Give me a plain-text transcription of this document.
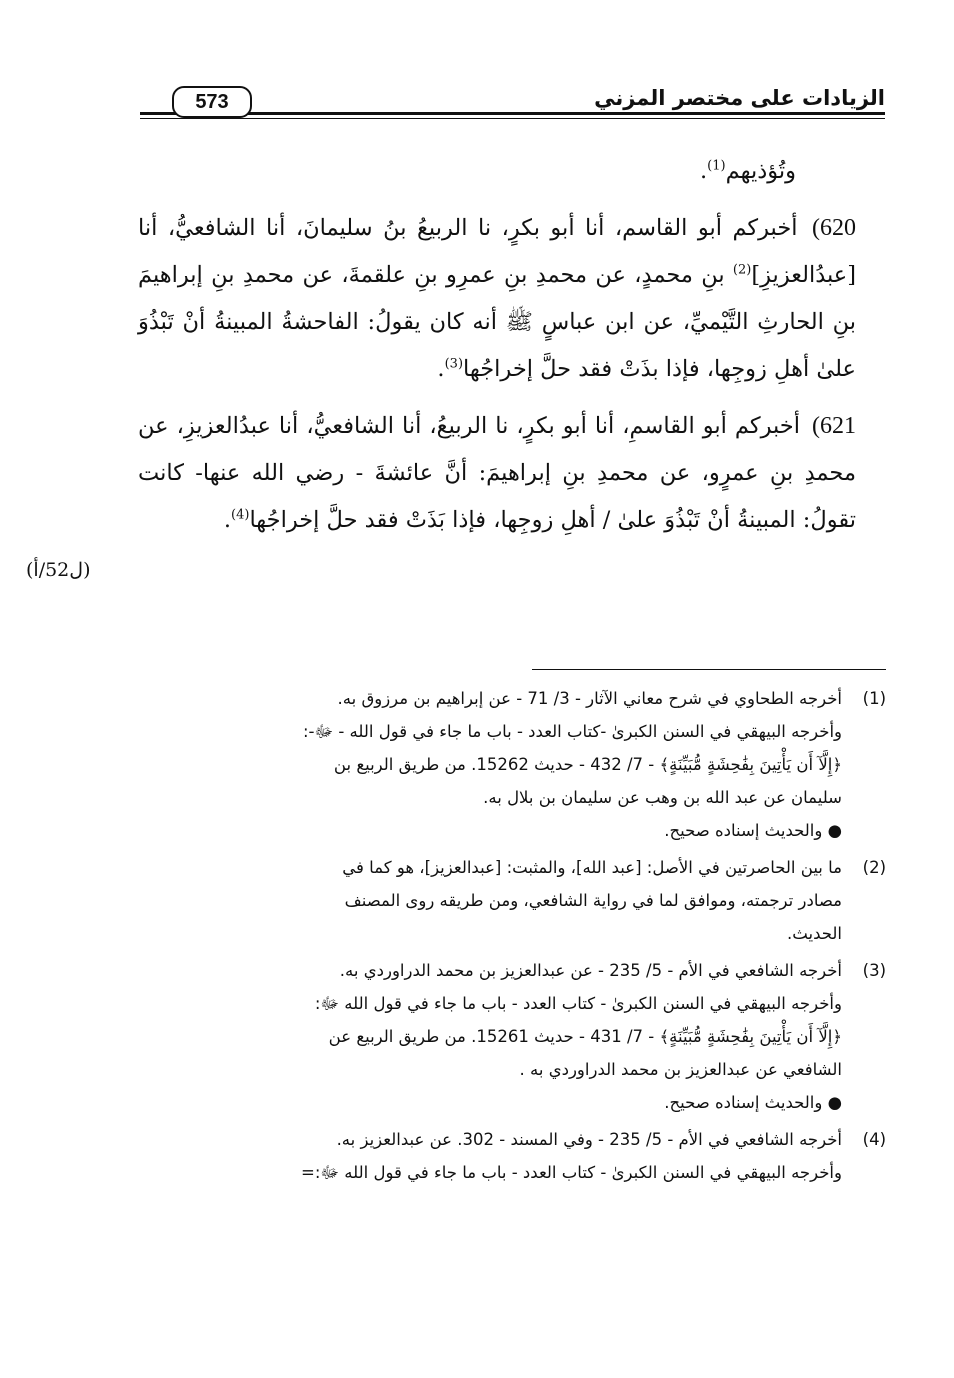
الزيادات على مختصر المزني
573

وتُؤذيهم$^{(1)}$.

620) أخبركم أبو القاسم، أنا أبو بكرٍ، نا الربيعُ بنُ سليمانَ، أنا الشافعيُّ، أنا [عبدُالعزيزِ]$^{(2)}$ بنِ محمدٍ، عن محمدِ بنِ عمرِو بنِ علقمةَ، عن محمدِ بنِ إبراهيمَ بنِ الحارثِ التَّيْميِّ، عن ابن عباسٍ ﷺ أنه كان يقولُ: الفاحشةُ المبينةُ أنْ تَبْذُوَ علىٰ أهلِ زوجِها، فإذا بذَتْ فقد حلَّ إخراجُها$^{(3)}$.

621) أخبركم أبو القاسمِ، أنا أبو بكرٍ، نا الربيعُ، أنا الشافعيُّ، أنا عبدُالعزيزِ، عن محمدِ بنِ عمرٍو، عن محمدِ بنِ إبراهيمَ: أنَّ عائشةَ - رضي الله عنها- كانت تقولُ: المبينةُ أنْ تَبْذُوَ علىٰ / أهلِ زوجِها، فإذا بَذَتْ فقد حلَّ إخراجُها$^{(4)}$.

(ل52/أ)
(1)
أخرجه الطحاوي في شرح معاني الآثار - 3/ 71 - عن إبراهيم بن مرزوق به.
وأخرجه البيهقي في السنن الكبرىٰ -كتاب العدد - باب ما جاء في قول الله - ﷻ-:
﴿إِلَّآ أَن يَأْتِينَ بِفَٰحِشَةٍ مُّبَيِّنَةٍ﴾ - 7/ 432 - حديث 15262. من طريق الربيع بن
سليمان عن عبد الله بن وهب عن سليمان بن بلال به.
● والحديث إسناده صحيح.
(2)
ما بين الحاصرتين في الأصل: [عبد الله]، والمثبت: [عبدالعزيز]، هو كما في
مصادر ترجمته، وموافق لما في رواية الشافعي، ومن طريقه روى المصنف
الحديث.
(3)
أخرجه الشافعي في الأم - 5/ 235 - عن عبدالعزيز بن محمد الدراوردي به.
وأخرجه البيهقي في السنن الكبرىٰ - كتاب العدد - باب ما جاء في قول الله ﷻ:
﴿إِلَّآ أَن يَأْتِينَ بِفَٰحِشَةٍ مُّبَيِّنَةٍ﴾ - 7/ 431 - حديث 15261. من طريق الربيع عن
الشافعي عن عبدالعزيز بن محمد الدراوردي به .
● والحديث إسناده صحيح.
(4)
أخرجه الشافعي في الأم - 5/ 235 - وفي المسند - 302. عن عبدالعزيز به.
وأخرجه البيهقي في السنن الكبرىٰ - كتاب العدد - باب ما جاء في قول الله ﷻ:=
